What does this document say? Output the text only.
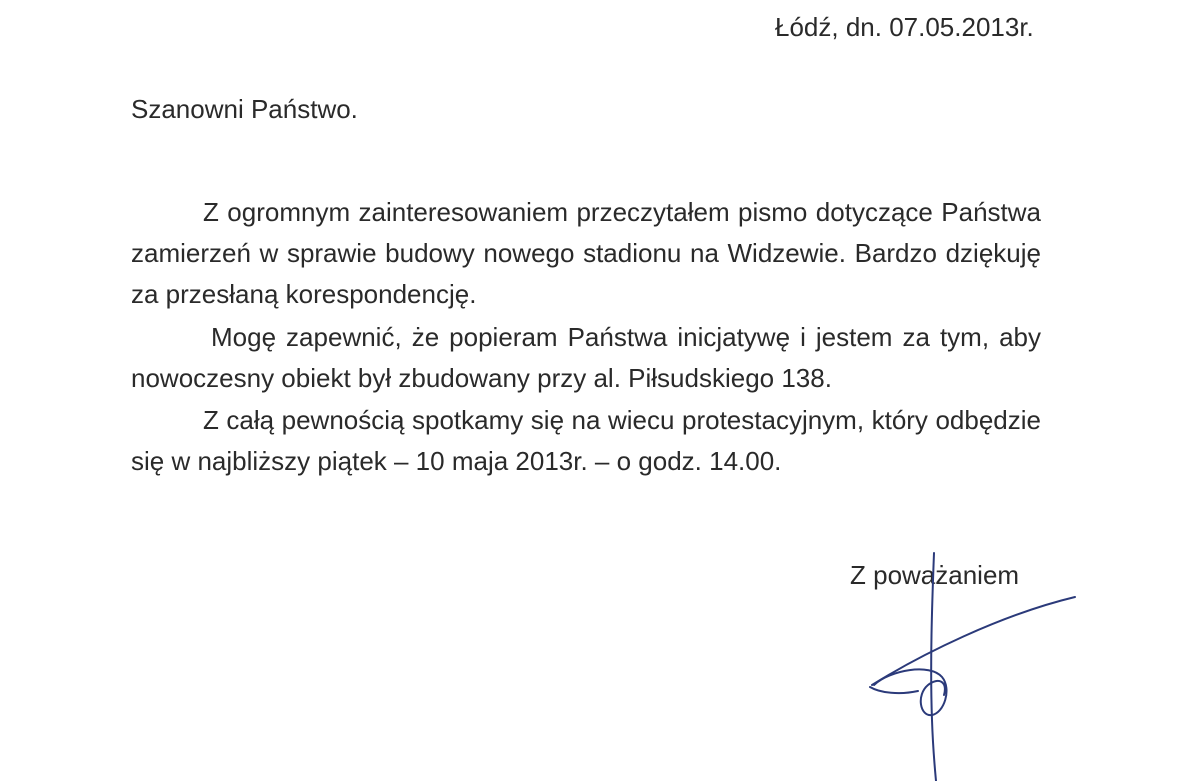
Łódź, dn. 07.05.2013r.
Szanowni Państwo.

Z ogromnym zainteresowaniem przeczytałem pismo dotyczące Państwa zamierzeń w sprawie budowy nowego stadionu na Widzewie. Bardzo dziękuję za przesłaną korespondencję.

Mogę zapewnić, że popieram Państwa inicjatywę i jestem za tym, aby nowoczesny obiekt był zbudowany przy al. Piłsudskiego 138.

Z całą pewnością spotkamy się na wiecu protestacyjnym, który odbędzie się w najbliższy piątek – 10 maja 2013r. – o godz. 14.00.

Z poważaniem
